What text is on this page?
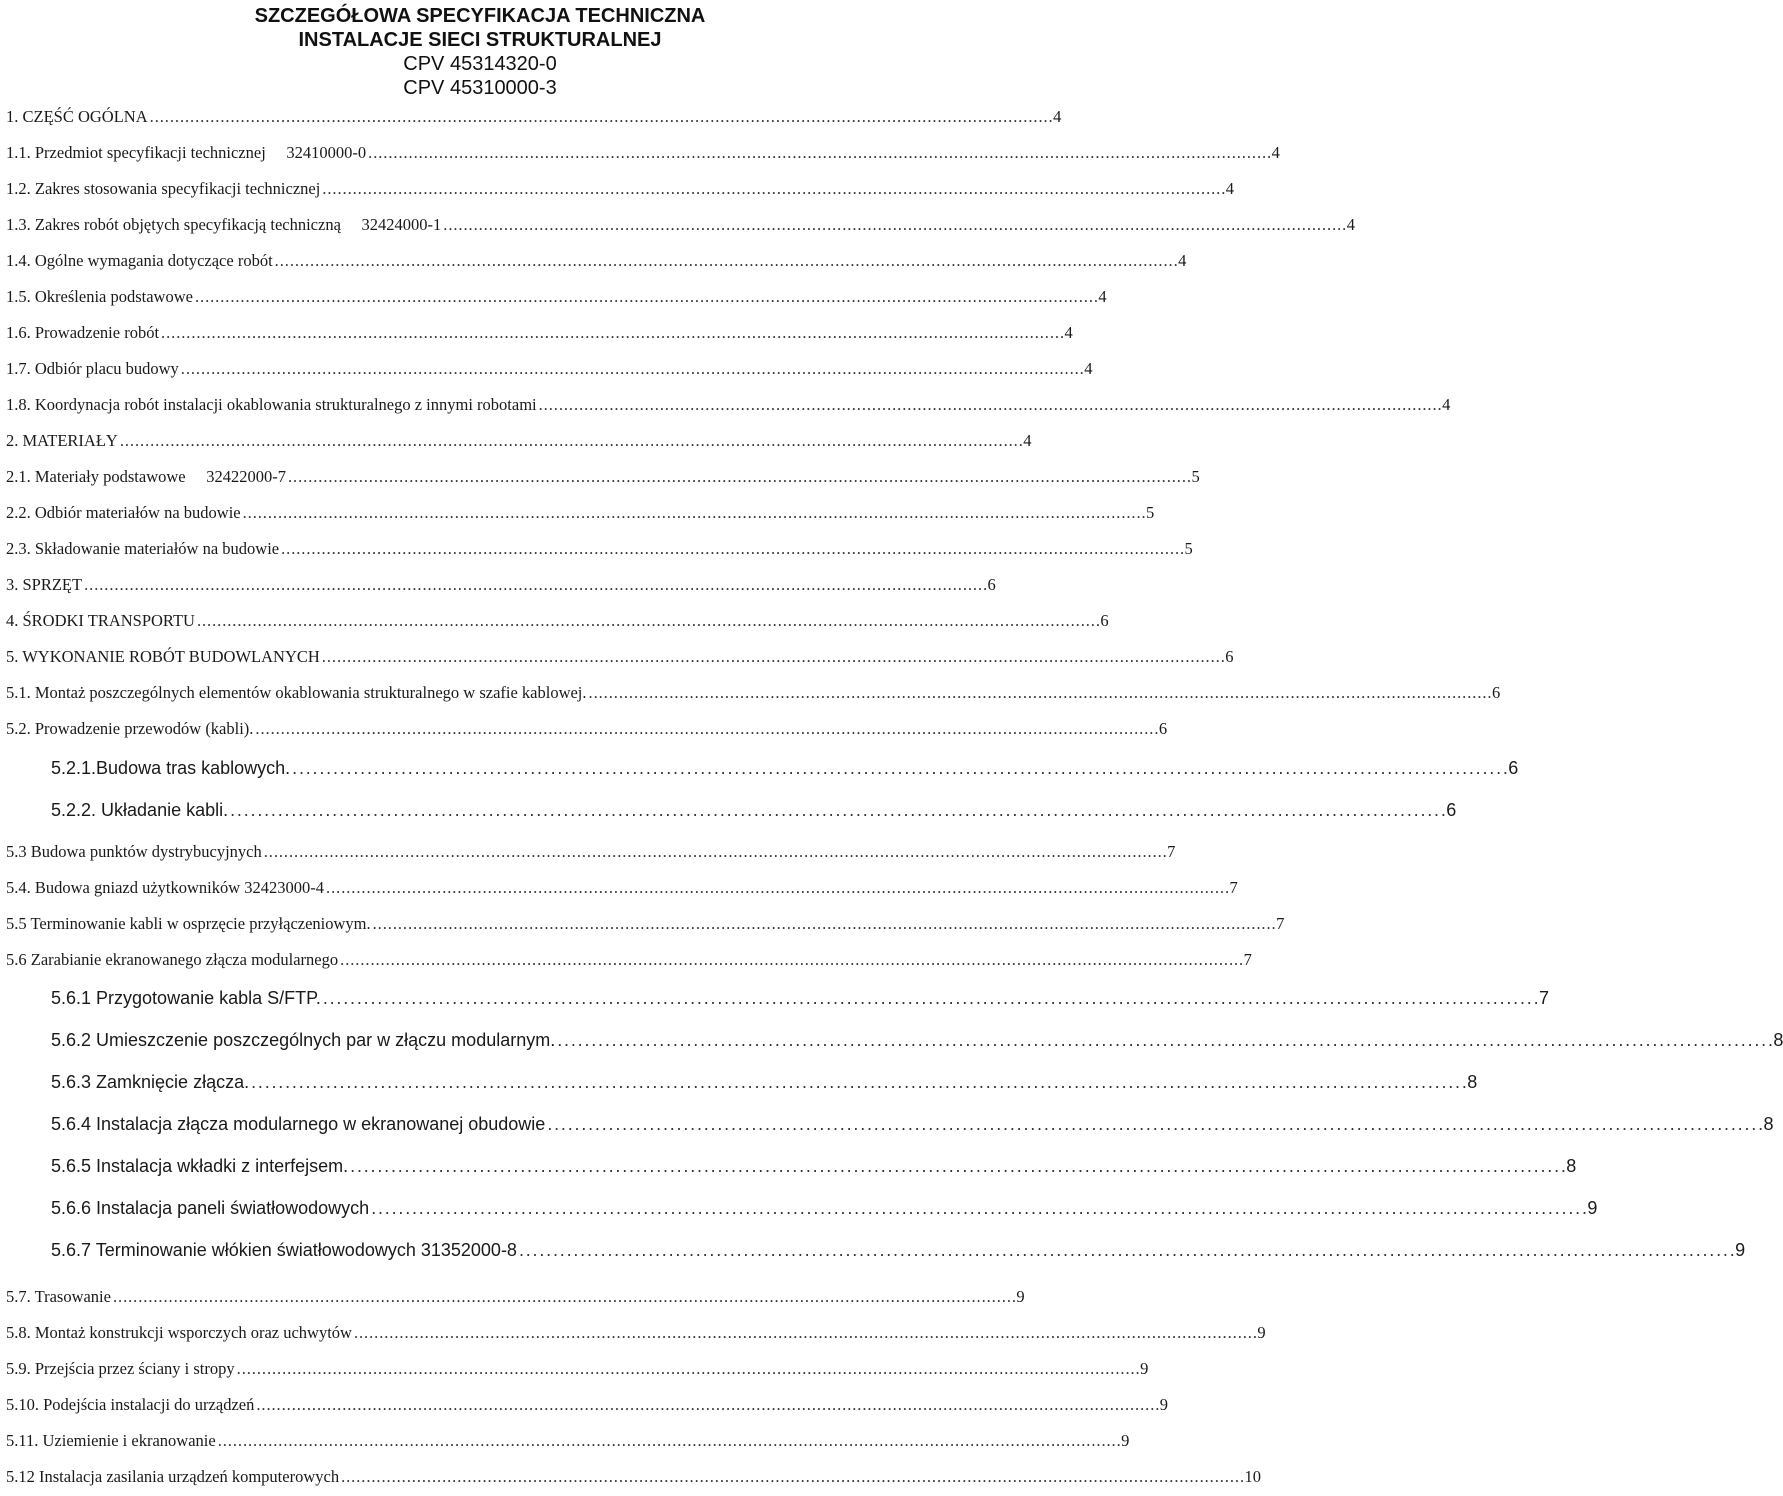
SZCZEGÓŁOWA SPECYFIKACJA TECHNICZNA
INSTALACJE SIECI STRUKTURALNEJ
CPV 45314320-0
CPV 45310000-3
1. CZĘŚĆ OGÓLNA . . .	4
1.1. Przedmiot specyfikacji technicznej     32410000-0 . . .	4
1.2. Zakres stosowania specyfikacji technicznej . . .	4
1.3. Zakres robót objętych specyfikacją techniczną     32424000-1 . . .	4
1.4. Ogólne wymagania dotyczące robót . . .	4
1.5. Określenia podstawowe . . .	4
1.6. Prowadzenie robót . . .	4
1.7. Odbiór placu budowy . . .	4
1.8. Koordynacja robót instalacji okablowania strukturalnego z innymi robotami . . .	4
2. MATERIAŁY . . .	4
2.1. Materiały podstawowe     32422000-7 . . .	5
2.2. Odbiór materiałów na budowie . . .	5
2.3. Składowanie materiałów na budowie . . .	5
3. SPRZĘT . . .	6
4. ŚRODKI TRANSPORTU . . .	6
5. WYKONANIE ROBÓT BUDOWLANYCH . . .	6
5.1. Montaż poszczególnych elementów okablowania strukturalnego w szafie kablowej. . . .	6
5.2. Prowadzenie przewodów (kabli). . . .	6
5.2.1.Budowa tras kablowych. . . .	6
5.2.2. Układanie kabli. . . .	6
5.3 Budowa punktów dystrybucyjnych . . .	7
5.4. Budowa gniazd użytkowników 32423000-4 . . .	7
5.5 Terminowanie kabli w osprzęcie przyłączeniowym. . . .	7
5.6 Zarabianie ekranowanego złącza modularnego . . .	7
5.6.1 Przygotowanie kabla S/FTP. . . .	7
5.6.2 Umieszczenie poszczególnych par w złączu modularnym. . . .	8
5.6.3 Zamknięcie złącza. . . .	8
5.6.4 Instalacja złącza modularnego w ekranowanej obudowie . . .	8
5.6.5 Instalacja wkładki z interfejsem. . . .	8
5.6.6 Instalacja paneli światłowodowych . . .	9
5.6.7 Terminowanie włókien światłowodowych 31352000-8 . . .	9
5.7. Trasowanie . . .	9
5.8. Montaż konstrukcji wsporczych oraz uchwytów . . .	9
5.9. Przejścia przez ściany i stropy . . .	9
5.10. Podejścia instalacji do urządzeń . . .	9
5.11. Uziemienie i ekranowanie . . .	9
5.12 Instalacja zasilania urządzeń komputerowych . . .	10
